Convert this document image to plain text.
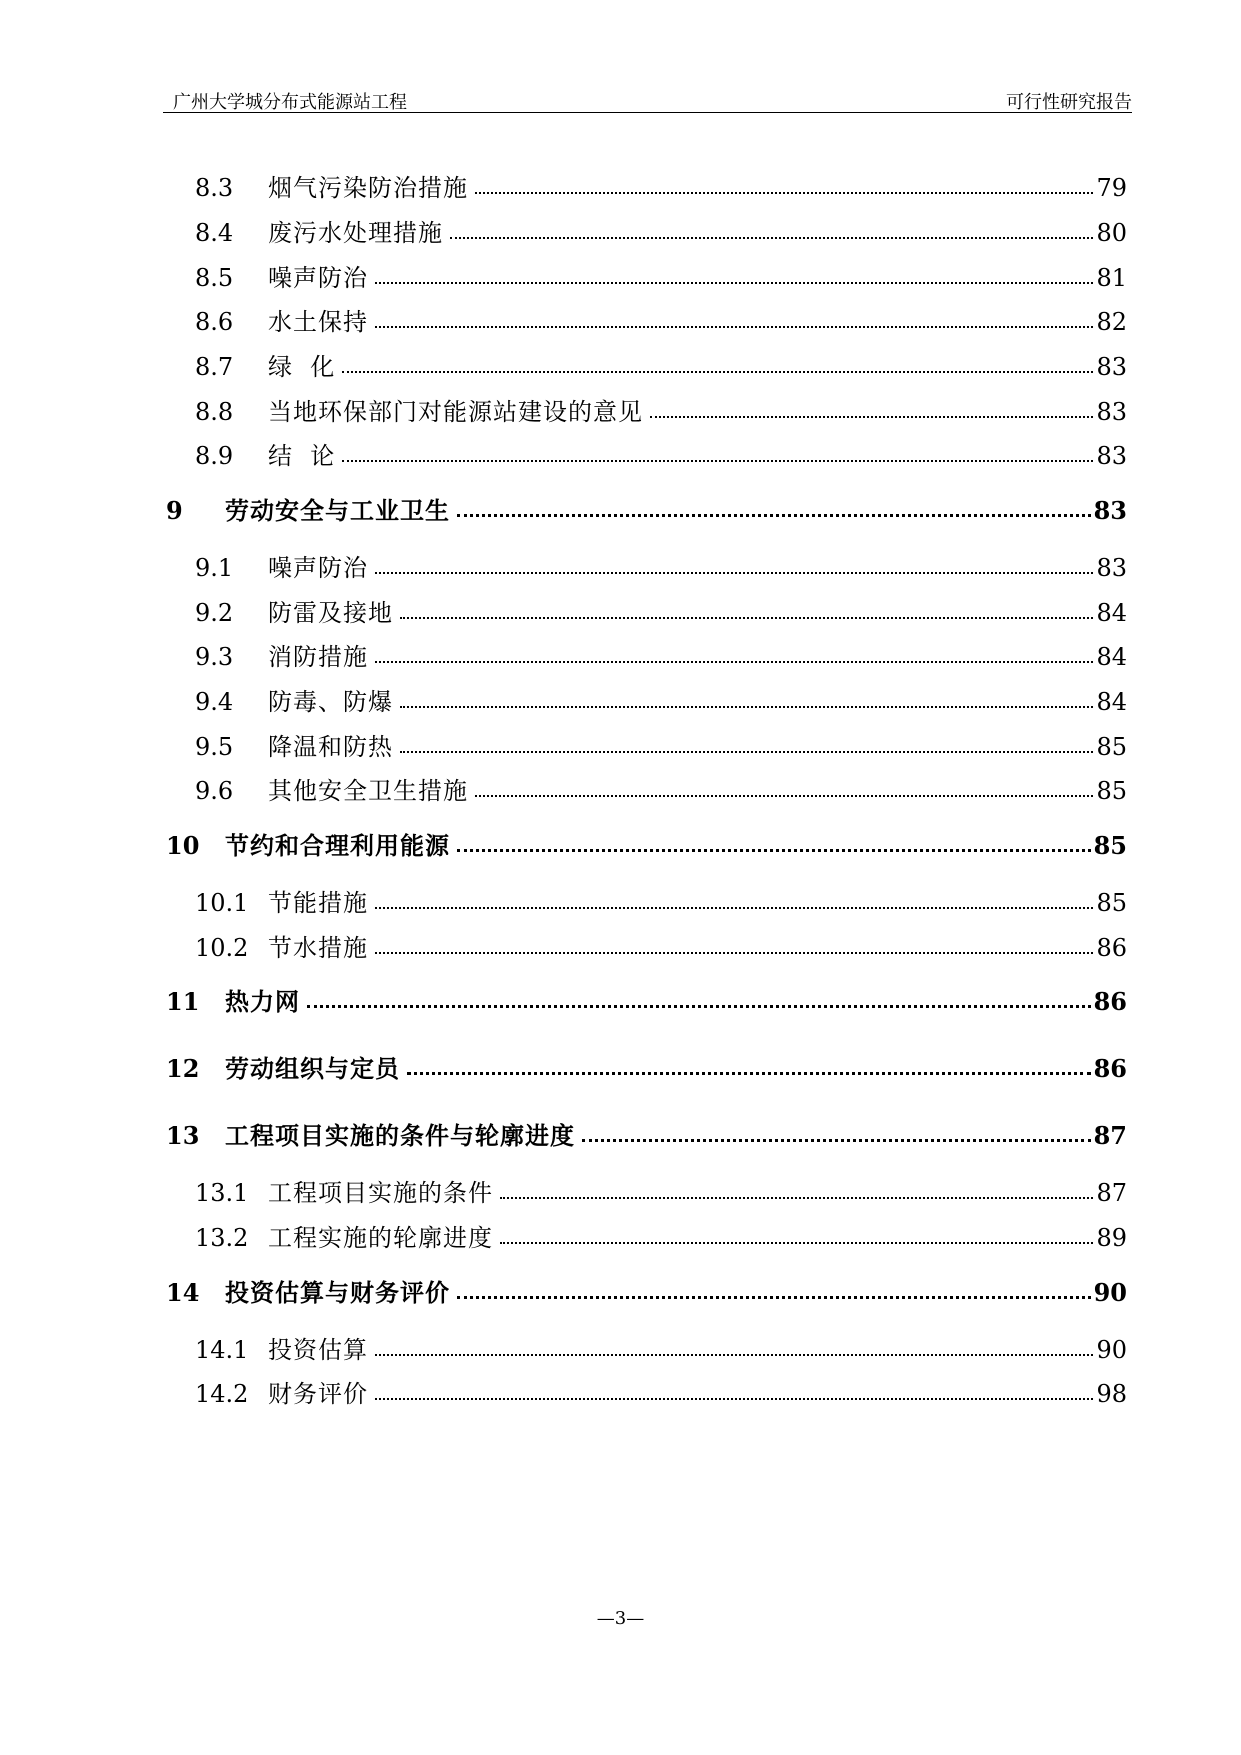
广州大学城分布式能源站工程	可行性研究报告
8.3	烟气污染防治措施	79
8.4	废污水处理措施	80
8.5	噪声防治	81
8.6	水土保持	82
8.7	绿  化	83
8.8	当地环保部门对能源站建设的意见	83
8.9	结  论	83
9	劳动安全与工业卫生	83
9.1	噪声防治	83
9.2	防雷及接地	84
9.3	消防措施	84
9.4	防毒、防爆	84
9.5	降温和防热	85
9.6	其他安全卫生措施	85
10	节约和合理利用能源	85
10.1 节能措施	85
10.2 节水措施	86
11	热力网	86
12	劳动组织与定员	86
13	工程项目实施的条件与轮廓进度	87
13.1 工程项目实施的条件	87
13.2 工程实施的轮廓进度	89
14	投资估算与财务评价	90
14.1 投资估算	90
14.2 财务评价	98
—3—
